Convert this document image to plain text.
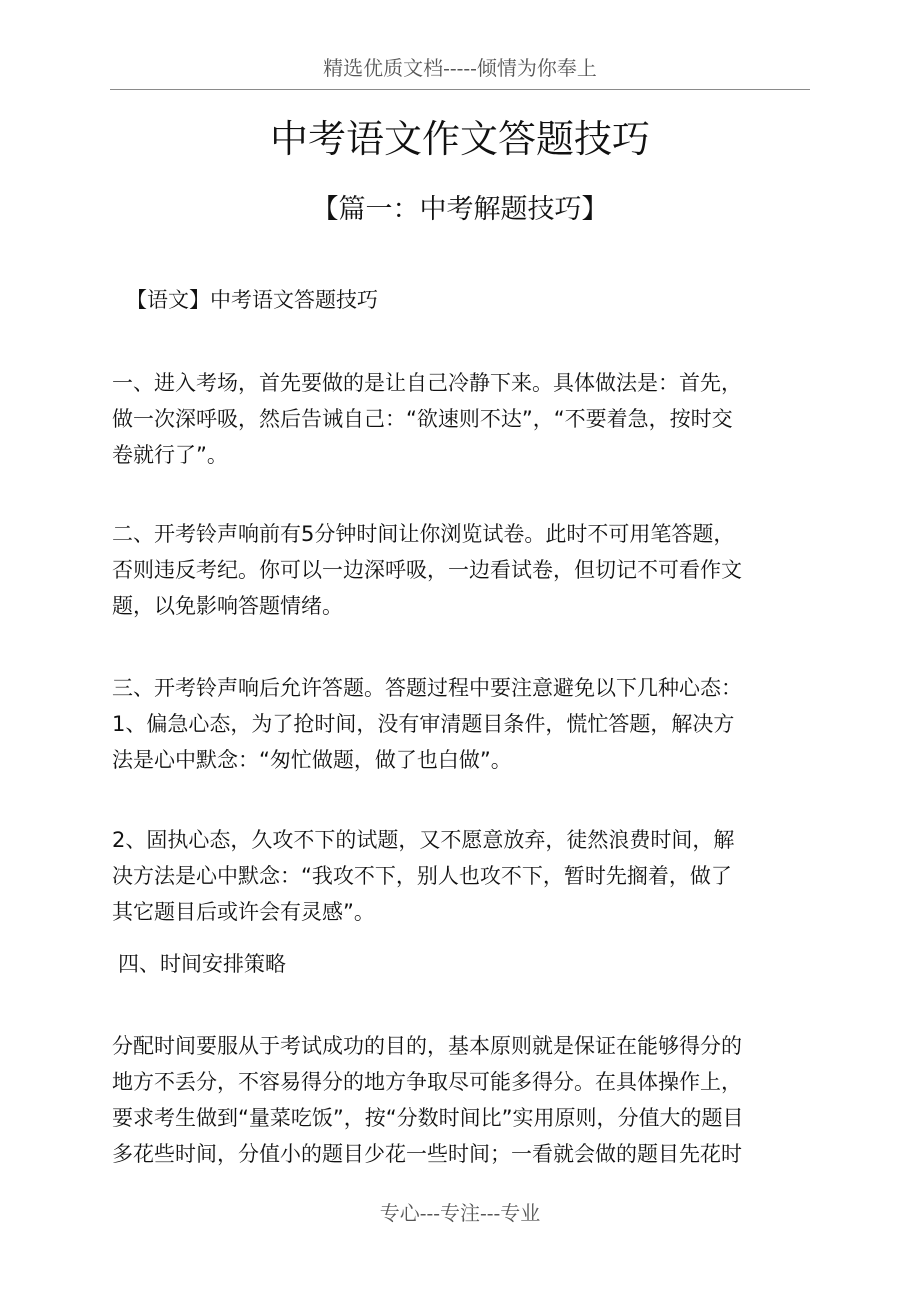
精选优质文档-----倾情为你奉上
中考语文作文答题技巧
【篇一：中考解题技巧】
【语文】中考语文答题技巧
一、进入考场，首先要做的是让自己冷静下来。具体做法是：首先，
做一次深呼吸，然后告诫自己：“欲速则不达”，“不要着急，按时交
卷就行了”。
二、开考铃声响前有5分钟时间让你浏览试卷。此时不可用笔答题，
否则违反考纪。你可以一边深呼吸，一边看试卷，但切记不可看作文
题，以免影响答题情绪。
三、开考铃声响后允许答题。答题过程中要注意避免以下几种心态：
1、偏急心态，为了抢时间，没有审清题目条件，慌忙答题，解决方
法是心中默念：“匆忙做题，做了也白做”。
2、固执心态，久攻不下的试题，又不愿意放弃，徒然浪费时间，解
决方法是心中默念：“我攻不下，别人也攻不下，暂时先搁着，做了
其它题目后或许会有灵感”。
四、时间安排策略
分配时间要服从于考试成功的目的，基本原则就是保证在能够得分的
地方不丢分，不容易得分的地方争取尽可能多得分。在具体操作上，
要求考生做到“量菜吃饭”，按“分数时间比”实用原则，分值大的题目
多花些时间，分值小的题目少花一些时间；一看就会做的题目先花时
专心---专注---专业
